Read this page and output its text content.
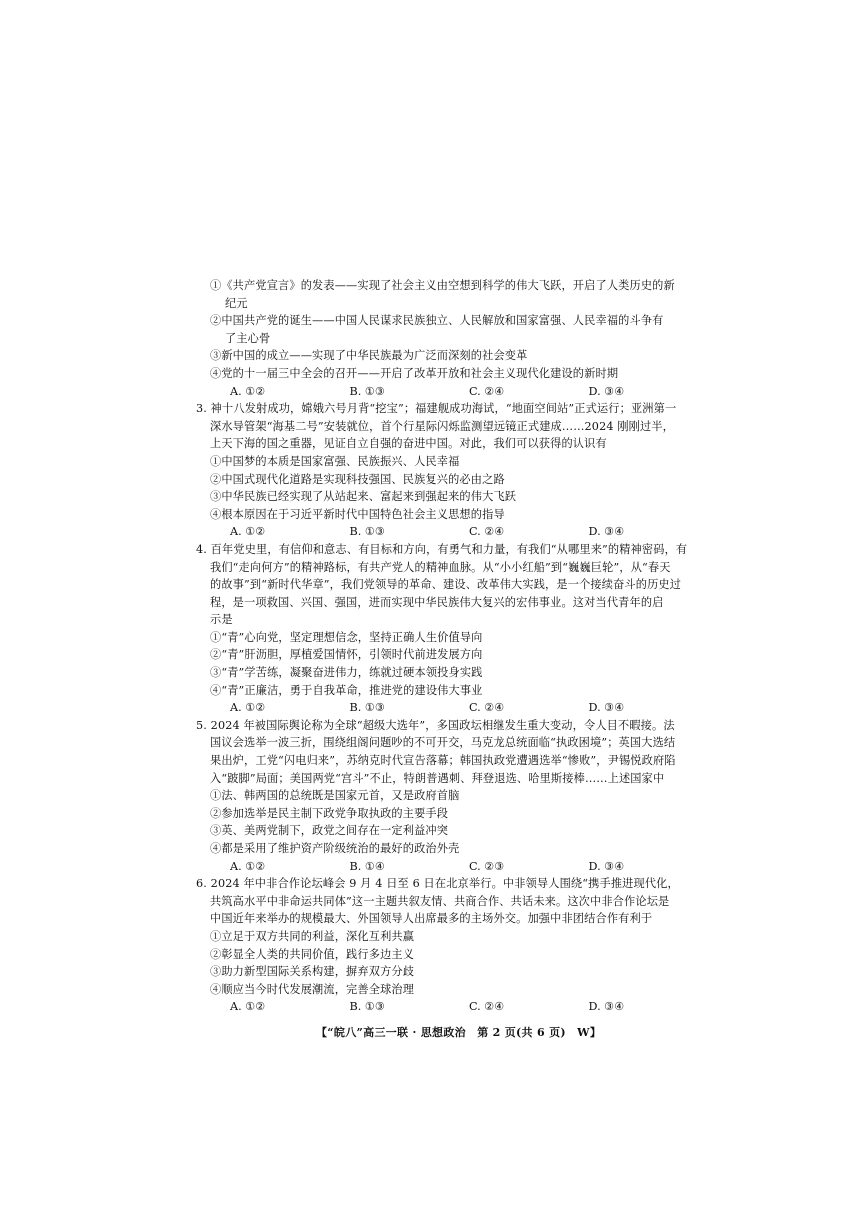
①《共产党宣言》的发表——实现了社会主义由空想到科学的伟大飞跃，开启了人类历史的新
纪元
②中国共产党的诞生——中国人民谋求民族独立、人民解放和国家富强、人民幸福的斗争有
了主心骨
③新中国的成立——实现了中华民族最为广泛而深刻的社会变革
④党的十一届三中全会的召开——开启了改革开放和社会主义现代化建设的新时期
A. ①②	B. ①③	C. ②④	D. ③④
3. 神十八发射成功，嫦娥六号月背“挖宝”；福建舰成功海试，“地面空间站”正式运行；亚洲第一
深水导管架“海基二号”安装就位，首个行星际闪烁监测望远镜正式建成……2024 刚刚过半，
上天下海的国之重器，见证自立自强的奋进中国。对此，我们可以获得的认识有
①中国梦的本质是国家富强、民族振兴、人民幸福
②中国式现代化道路是实现科技强国、民族复兴的必由之路
③中华民族已经实现了从站起来、富起来到强起来的伟大飞跃
④根本原因在于习近平新时代中国特色社会主义思想的指导
A. ①②	B. ①③	C. ②④	D. ③④
4. 百年党史里，有信仰和意志、有目标和方向，有勇气和力量，有我们“从哪里来”的精神密码，有
我们“走向何方”的精神路标，有共产党人的精神血脉。从“小小红船”到“巍巍巨轮”，从“春天
的故事”到“新时代华章”，我们党领导的革命、建设、改革伟大实践，是一个接续奋斗的历史过
程，是一项救国、兴国、强国，进而实现中华民族伟大复兴的宏伟事业。这对当代青年的启
示是
①“青”心向党，坚定理想信念，坚持正确人生价值导向
②“青”肝沥胆，厚植爱国情怀，引领时代前进发展方向
③“青”学苦练，凝聚奋进伟力，练就过硬本领投身实践
④“青”正廉洁，勇于自我革命，推进党的建设伟大事业
A. ①②	B. ①③	C. ②④	D. ③④
5. 2024 年被国际舆论称为全球“超级大选年”，多国政坛相继发生重大变动，令人目不暇接。法
国议会选举一波三折，围绕组阁问题吵的不可开交，马克龙总统面临“执政困境”；英国大选结
果出炉，工党“闪电归来”，苏纳克时代宣告落幕；韩国执政党遭遇选举“惨败”，尹锡悦政府陷
入“跛脚”局面；美国两党“宫斗”不止，特朗普遇刺、拜登退选、哈里斯接棒……上述国家中
①法、韩两国的总统既是国家元首，又是政府首脑
②参加选举是民主制下政党争取执政的主要手段
③英、美两党制下，政党之间存在一定利益冲突
④都是采用了维护资产阶级统治的最好的政治外壳
A. ①②	B. ①④	C. ②③	D. ③④
6. 2024 年中非合作论坛峰会 9 月 4 日至 6 日在北京举行。中非领导人围绕“携手推进现代化，
共筑高水平中非命运共同体”这一主题共叙友情、共商合作、共话未来。这次中非合作论坛是
中国近年来举办的规模最大、外国领导人出席最多的主场外交。加强中非团结合作有利于
①立足于双方共同的利益，深化互利共赢
②彰显全人类的共同价值，践行多边主义
③助力新型国际关系构建，摒弃双方分歧
④顺应当今时代发展潮流，完善全球治理
A. ①②	B. ①③	C. ②④	D. ③④
【“皖八”高三一联 · 思想政治　第 2 页(共 6 页)　W】
